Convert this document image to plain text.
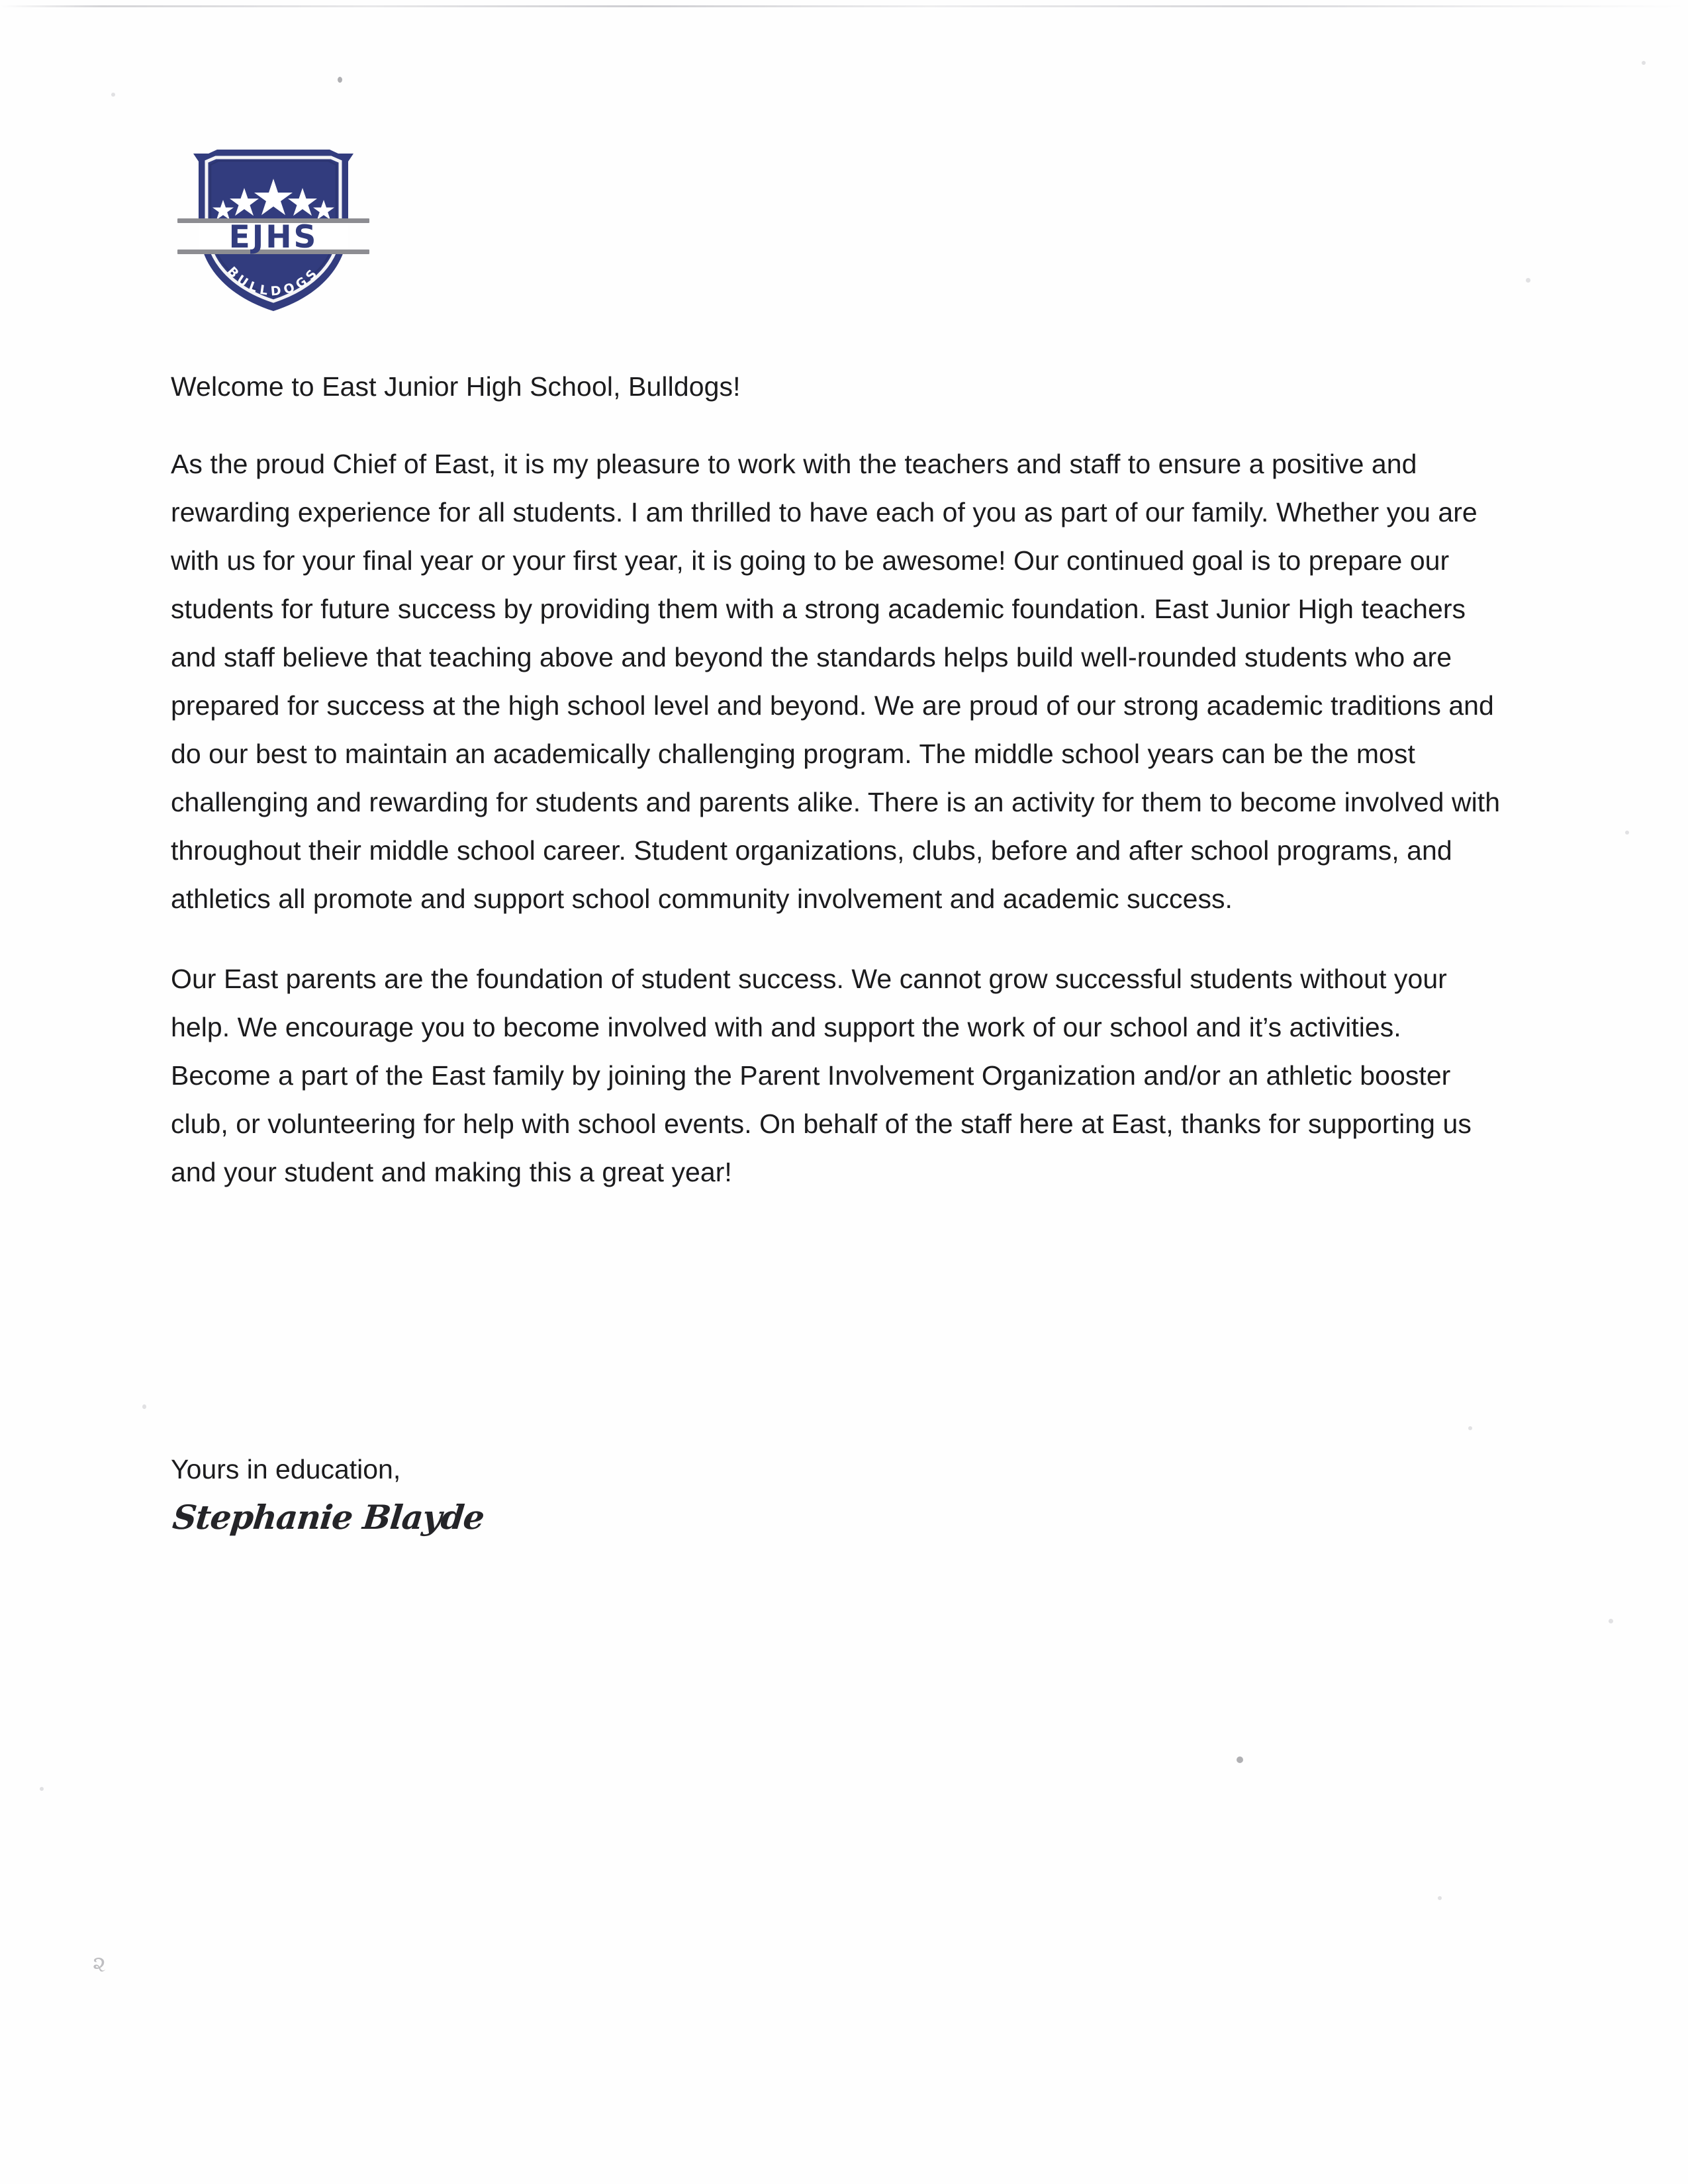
૨
EJHS
BULLDOGS

Welcome to East Junior High School, Bulldogs!

As the proud Chief of East, it is my pleasure to work with the teachers and staff to ensure a positive and rewarding experience for all students. I am thrilled to have each of you as part of our family. Whether you are with us for your final year or your first year, it is going to be awesome! Our continued goal is to prepare our students for future success by providing them with a strong academic foundation. East Junior High teachers and staff believe that teaching above and beyond the standards helps build well-rounded students who are prepared for success at the high school level and beyond. We are proud of our strong academic traditions and do our best to maintain an academically challenging program. The middle school years can be the most challenging and rewarding for students and parents alike. There is an activity for them to become involved with throughout their middle school career. Student organizations, clubs, before and after school programs, and athletics all promote and support school community involvement and academic success.

Our East parents are the foundation of student success. We cannot grow successful students without your help. We encourage you to become involved with and support the work of our school and it’s activities. Become a part of the East family by joining the Parent Involvement Organization and/or an athletic booster club, or volunteering for help with school events. On behalf of the staff here at East, thanks for supporting us and your student and making this a great year!

Yours in education,

Stephanie Blayde
